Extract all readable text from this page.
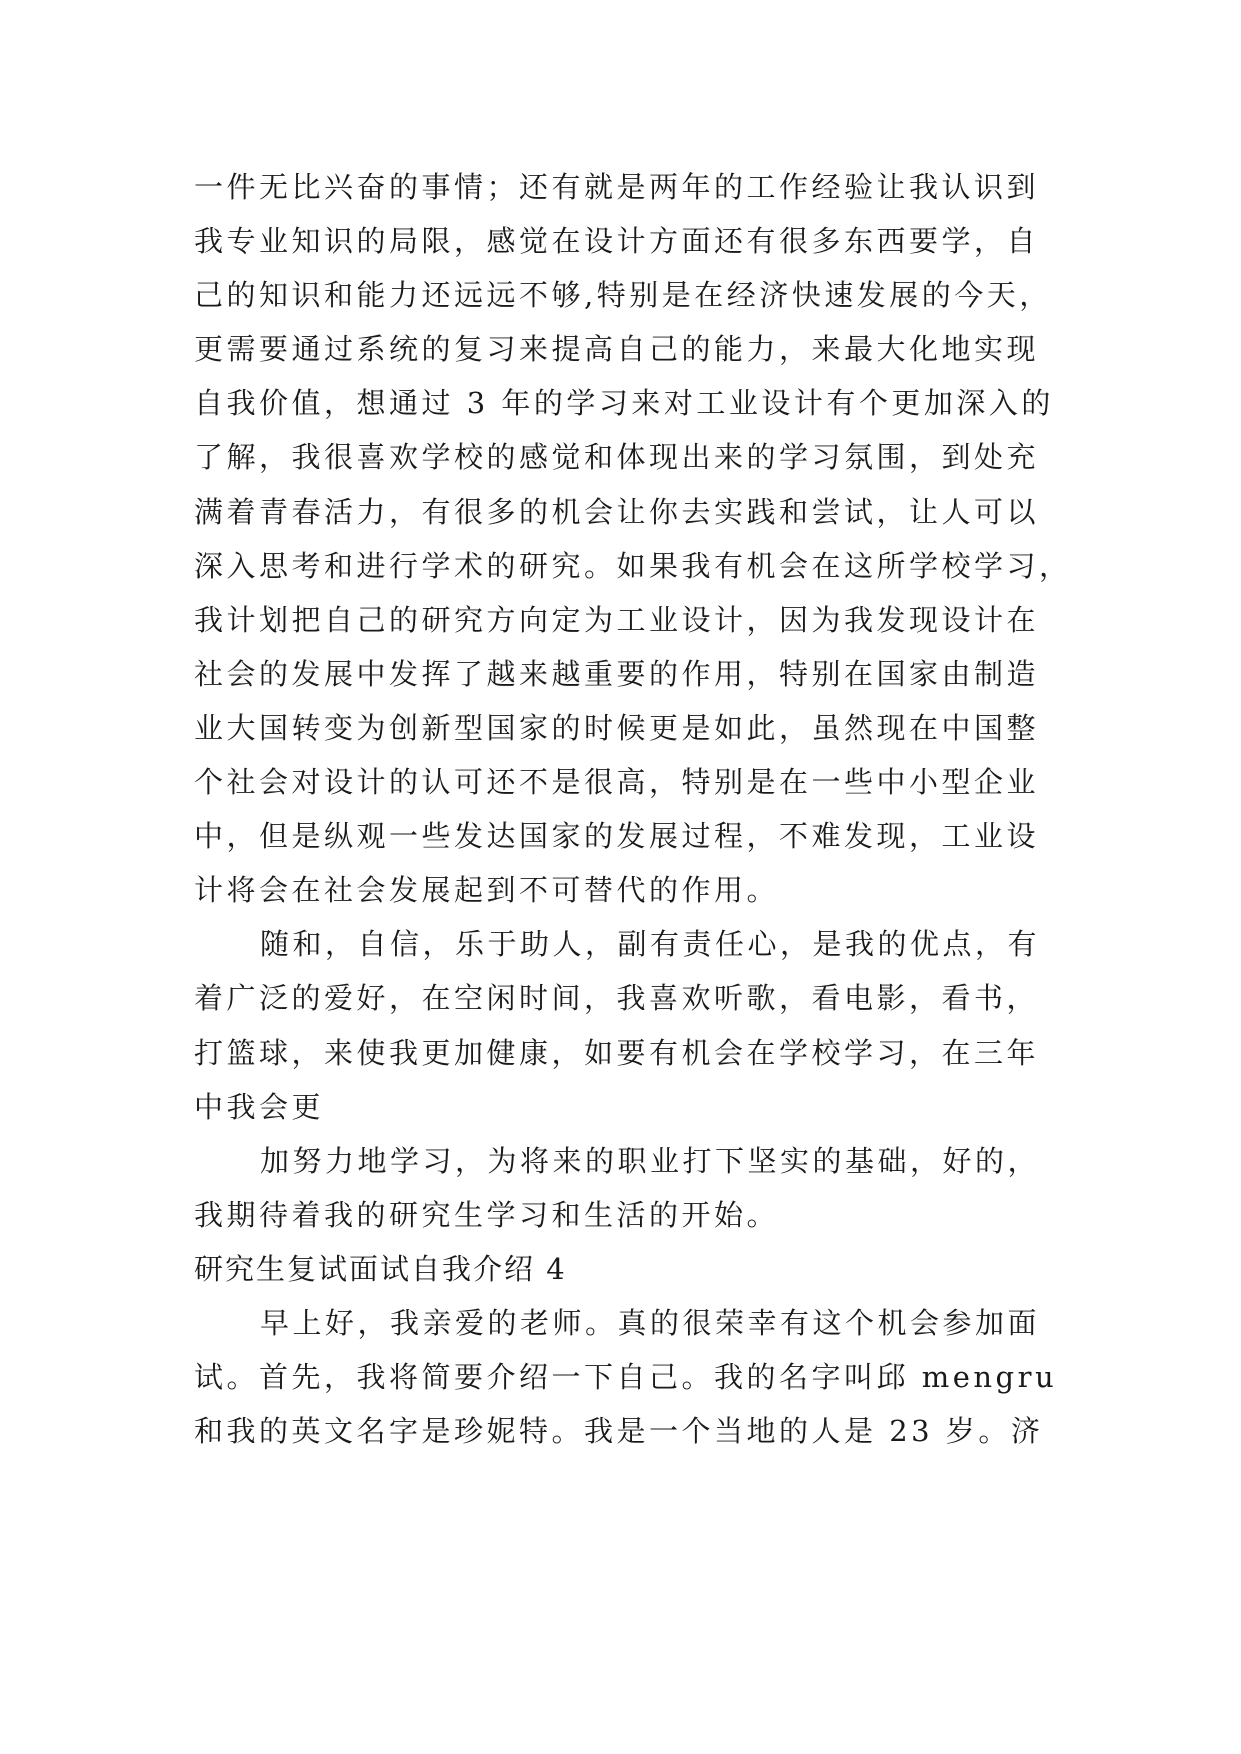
一件无比兴奋的事情；还有就是两年的工作经验让我认识到
我专业知识的局限，感觉在设计方面还有很多东西要学，自
己的知识和能力还远远不够,特别是在经济快速发展的今天，
更需要通过系统的复习来提高自己的能力，来最大化地实现
自我价值，想通过 3 年的学习来对工业设计有个更加深入的
了解，我很喜欢学校的感觉和体现出来的学习氛围，到处充
满着青春活力，有很多的机会让你去实践和尝试，让人可以
深入思考和进行学术的研究。如果我有机会在这所学校学习，
我计划把自己的研究方向定为工业设计，因为我发现设计在
社会的发展中发挥了越来越重要的作用，特别在国家由制造
业大国转变为创新型国家的时候更是如此，虽然现在中国整
个社会对设计的认可还不是很高，特别是在一些中小型企业
中，但是纵观一些发达国家的发展过程，不难发现，工业设
计将会在社会发展起到不可替代的作用。
随和，自信，乐于助人，副有责任心，是我的优点，有
着广泛的爱好，在空闲时间，我喜欢听歌，看电影，看书，
打篮球，来使我更加健康，如要有机会在学校学习，在三年
中我会更
加努力地学习，为将来的职业打下坚实的基础，好的，
我期待着我的研究生学习和生活的开始。
研究生复试面试自我介绍 4
早上好，我亲爱的老师。真的很荣幸有这个机会参加面
试。首先，我将简要介绍一下自己。我的名字叫邱 mengru
和我的英文名字是珍妮特。我是一个当地的人是 23 岁。济
